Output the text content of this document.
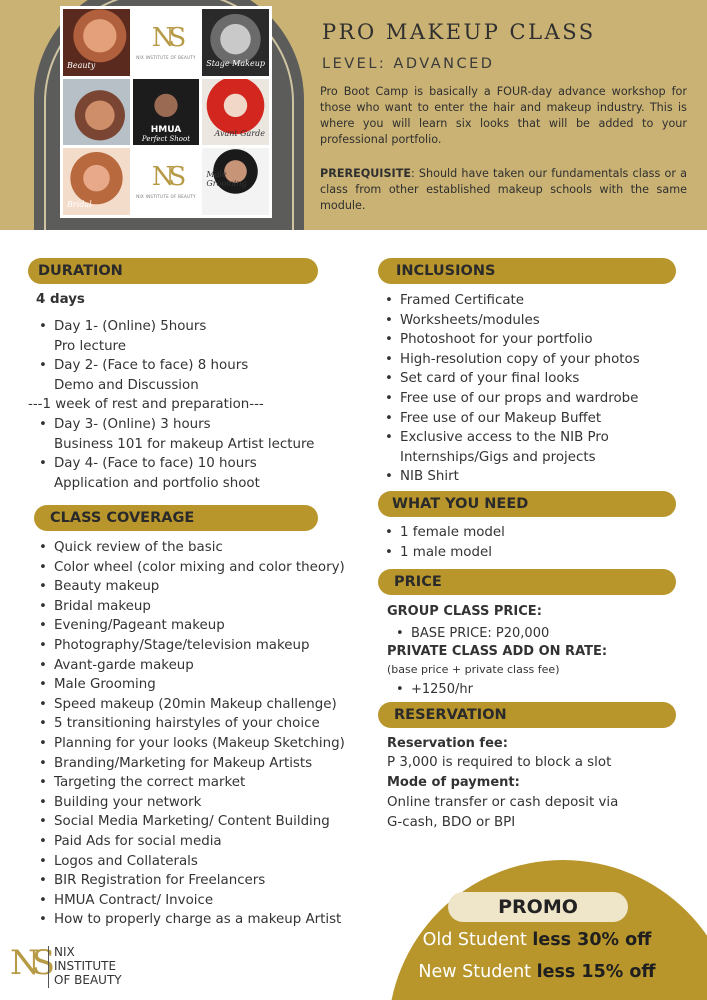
Beauty
NS
NIX INSTITUTE OF BEAUTY
Stage Makeup
HMUA
Perfect Shoot
Avant Garde
Bridal
NS
NIX INSTITUTE OF BEAUTY
Male Grooming
PRO MAKEUP CLASS
LEVEL: ADVANCED

Pro Boot Camp is basically a FOUR-day advance workshop for those who want to enter the hair and makeup industry. This is where you will learn six looks that will be added to your professional portfolio.

PREREQUISITE: Should have taken our fundamentals class or a class from other established makeup schools with the same module.

DURATION
4 days
• Day 1- (Online) 5hours
Pro lecture
• Day 2- (Face to face) 8 hours
Demo and Discussion
---1 week of rest and preparation---
• Day 3- (Online) 3 hours
Business 101 for makeup Artist lecture
• Day 4- (Face to face) 10 hours
Application and portfolio shoot
CLASS COVERAGE
• Quick review of the basic
• Color wheel (color mixing and color theory)
• Beauty makeup
• Bridal makeup
• Evening/Pageant makeup
• Photography/Stage/television makeup
• Avant-garde makeup
• Male Grooming
• Speed makeup (20min Makeup challenge)
• 5 transitioning hairstyles of your choice
• Planning for your looks (Makeup Sketching)
• Branding/Marketing for Makeup Artists
• Targeting the correct market
• Building your network
• Social Media Marketing/ Content Building
• Paid Ads for social media
• Logos and Collaterals
• BIR Registration for Freelancers
• HMUA Contract/ Invoice
• How to properly charge as a makeup Artist
INCLUSIONS
• Framed Certificate
• Worksheets/modules
• Photoshoot for your portfolio
• High-resolution copy of your photos
• Set card of your final looks
• Free use of our props and wardrobe
• Free use of our Makeup Buffet
• Exclusive access to the NIB Pro
Internships/Gigs and projects
• NIB Shirt
WHAT YOU NEED
• 1 female model
• 1 male model
PRICE
GROUP CLASS PRICE:
• BASE PRICE: P20,000
PRIVATE CLASS ADD ON RATE:
(base price + private class fee)
• +1250/hr
RESERVATION
Reservation fee:
P 3,000 is required to block a slot
Mode of payment:
Online transfer or cash deposit via
G-cash, BDO or BPI
PROMO
Old Student less 30% off
New Student less 15% off
NS NIX
INSTITUTE
OF BEAUTY
